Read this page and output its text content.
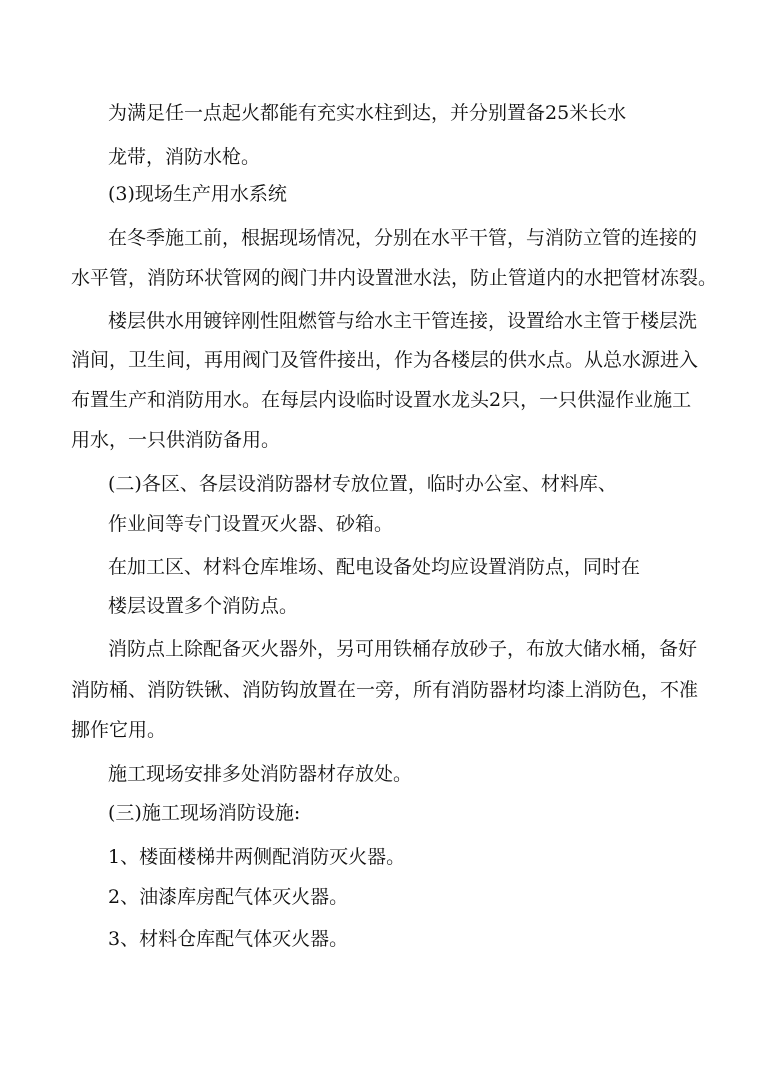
为满足任一点起火都能有充实水柱到达，并分别置备25米长水
龙带，消防水枪。
(3)现场生产用水系统
在冬季施工前，根据现场情况，分别在水平干管，与消防立管的连接的
水平管，消防环状管网的阀门井内设置泄水法，防止管道内的水把管材冻裂。
楼层供水用镀锌刚性阻燃管与给水主干管连接，设置给水主管于楼层洗
消间，卫生间，再用阀门及管件接出，作为各楼层的供水点。从总水源进入
布置生产和消防用水。在每层内设临时设置水龙头2只，一只供湿作业施工
用水，一只供消防备用。
(二)各区、各层设消防器材专放位置，临时办公室、材料库、
作业间等专门设置灭火器、砂箱。
在加工区、材料仓库堆场、配电设备处均应设置消防点，同时在
楼层设置多个消防点。
消防点上除配备灭火器外，另可用铁桶存放砂子，布放大储水桶，备好
消防桶、消防铁锹、消防钩放置在一旁，所有消防器材均漆上消防色，不准
挪作它用。
施工现场安排多处消防器材存放处。
(三)施工现场消防设施:
1、楼面楼梯井两侧配消防灭火器。
2、油漆库房配气体灭火器。
3、材料仓库配气体灭火器。
